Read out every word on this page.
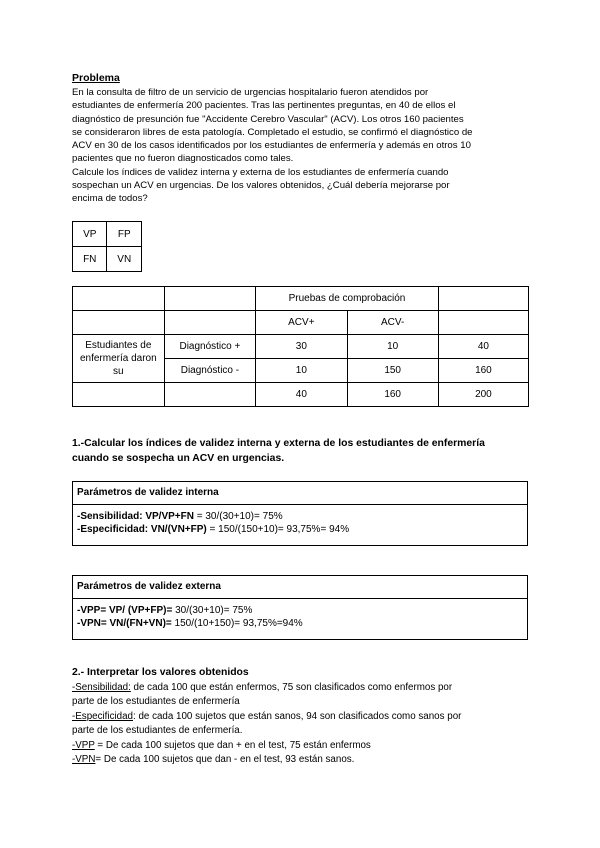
Problema
En la consulta de filtro de un servicio de urgencias hospitalario fueron atendidos por
estudiantes de enfermería 200 pacientes. Tras las pertinentes preguntas, en 40 de ellos el
diagnóstico de presunción fue "Accidente Cerebro Vascular" (ACV). Los otros 160 pacientes
se consideraron libres de esta patología. Completado el estudio, se confirmó el diagnóstico de
ACV en 30 de los casos identificados por los estudiantes de enfermería y además en otros 10
pacientes que no fueron diagnosticados como tales.
Calcule los índices de validez interna y externa de los estudiantes de enfermería cuando
sospechan un ACV en urgencias. De los valores obtenidos, ¿Cuál debería mejorarse por
encima de todos?
VP	FP
FN	VN
		Pruebas de comprobación		
		ACV+	ACV-	
Estudiantes de enfermería daron su	Diagnóstico +	30	10	40
	Diagnóstico -	10	150	160
		40	160	200
1.-Calcular los índices de validez interna y externa de los estudiantes de enfermería
cuando se sospecha un ACV en urgencias.
Parámetros de validez interna
-Sensibilidad: VP/VP+FN = 30/(30+10)= 75%
-Especificidad: VN/(VN+FP) = 150/(150+10)= 93,75%= 94%
Parámetros de validez externa
-VPP= VP/ (VP+FP)= 30/(30+10)= 75%
-VPN= VN/(FN+VN)= 150/(10+150)= 93,75%=94%
2.- Interpretar los valores obtenidos
-Sensibilidad: de cada 100 que están enfermos, 75 son clasificados como enfermos por
parte de los estudiantes de enfermería
-Especificidad: de cada 100 sujetos que están sanos, 94 son clasificados como sanos por
parte de los estudiantes de enfermería.
-VPP = De cada 100 sujetos que dan + en el test, 75 están enfermos
-VPN= De cada 100 sujetos que dan - en el test, 93 están sanos.
